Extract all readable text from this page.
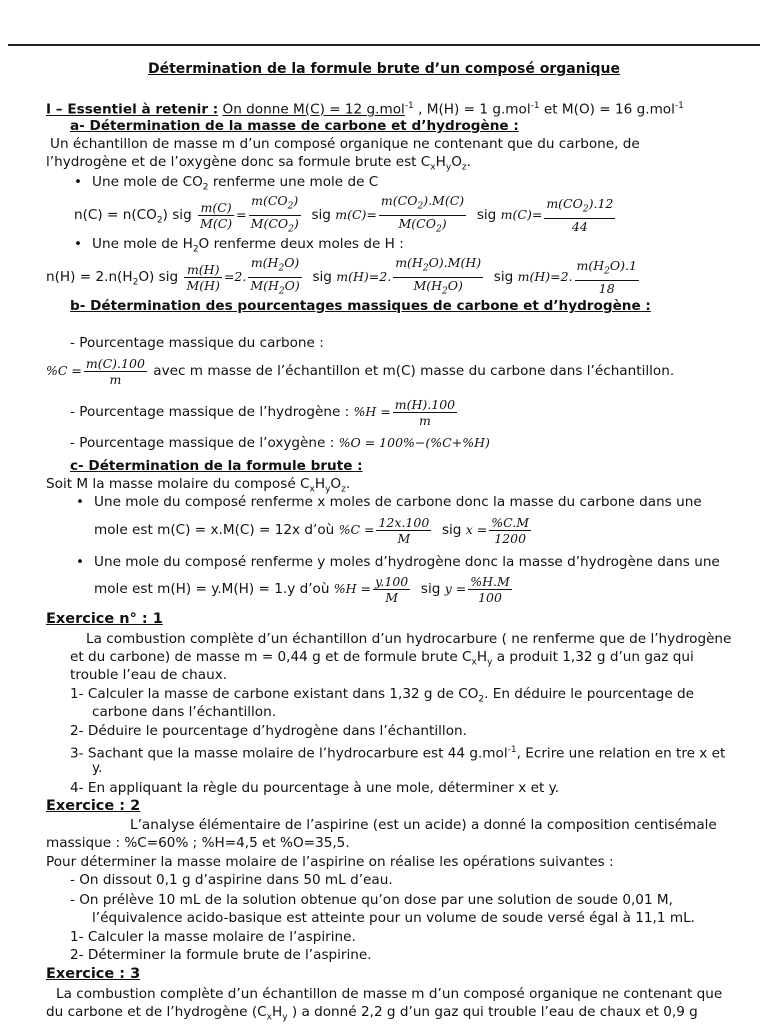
Détermination de la formule brute d’un composé organique
I – Essentiel à retenir : On donne M(C) = 12 g.mol$^{-1}$ , M(H) = 1 g.mol$^{-1}$ et M(O) = 16 g.mol$^{-1}$
a- Détermination de la masse de carbone et d’hydrogène :
Un échantillon de masse m d’un composé organique ne contenant que du carbone, de
l’hydrogène et de l’oxygène donc sa formule brute est $C_xH_yO_z$.
• Une mole de $CO_2$ renferme une mole de C
$n(C) = n(CO_2)$ sig $\frac{m(C)}{M(C)} = \frac{m(CO_2)}{M(CO_2)}$ sig $m(C)= \frac{m(CO_2).M(C)}{M(CO_2)}$ sig $m(C)= \frac{m(CO_2).12}{44}$
• Une mole de $H_2O$ renferme deux moles de H :
$n(H) = 2.n(H_2O)$ sig $\frac{m(H)}{M(H)} =2$. $\frac{m(H_2O)}{M(H_2O)}$ sig m(H)=2. $\frac{m(H_2O).M(H)}{M(H_2O)}$ sig m(H)=2. $\frac{m(H_2O).1}{18}$
b- Détermination des pourcentages massiques de carbone et d’hydrogène :
- Pourcentage massique du carbone :
$\%C = \frac{m(C).100}{m}$ avec m masse de l’échantillon et m(C) masse du carbone dans l’échantillon.
- Pourcentage massique de l’hydrogène : $\%H = \frac{m(H).100}{m}$
- Pourcentage massique de l’oxygène : %O = 100%−(%C+%H)
c- Détermination de la formule brute :
Soit M la masse molaire du composé $C_xH_yO_z$.
• Une mole du composé renferme x moles de carbone donc la masse du carbone dans une
mole est m(C) = x.M(C) = 12x d’où $\%C = \frac{12x.100}{M}$ sig $x = \frac{\%C.M}{1200}$
• Une mole du composé renferme y moles d’hydrogène donc la masse d’hydrogène dans une
mole est m(H) = y.M(H) = 1.y d’où $\%H = \frac{y.100}{M}$ sig $y = \frac{\%H.M}{100}$
Exercice n° : 1
La combustion complète d’un échantillon d’un hydrocarbure ( ne renferme que de l’hydrogène
et du carbone) de masse m = 0,44 g et de formule brute $C_xH_y$ a produit 1,32 g d’un gaz qui
trouble l’eau de chaux.
1- Calculer la masse de carbone existant dans 1,32 g de $CO_2$. En déduire le pourcentage de
carbone dans l’échantillon.
2- Déduire le pourcentage d’hydrogène dans l’échantillon.
3- Sachant que la masse molaire de l’hydrocarbure est 44 g.mol$^{-1}$, Ecrire une relation en tre x et
y.
4- En appliquant la règle du pourcentage à une mole, déterminer x et y.
Exercice : 2
L’analyse élémentaire de l’aspirine (est un acide) a donné la composition centisémale
massique : %C=60% ; %H=4,5 et %O=35,5.
Pour déterminer la masse molaire de l’aspirine on réalise les opérations suivantes :
- On dissout 0,1 g d’aspirine dans 50 mL d’eau.
- On prélève 10 mL de la solution obtenue qu’on dose par une solution de soude 0,01 M,
l’équivalence acido-basique est atteinte pour un volume de soude versé égal à 11,1 mL.
1- Calculer la masse molaire de l’aspirine.
2- Déterminer la formule brute de l’aspirine.
Exercice : 3
La combustion complète d’un échantillon de masse m d’un composé organique ne contenant que
du carbone et de l’hydrogène ($C_xH_y$ ) a donné 2,2 g d’un gaz qui trouble l’eau de chaux et 0,9 g
